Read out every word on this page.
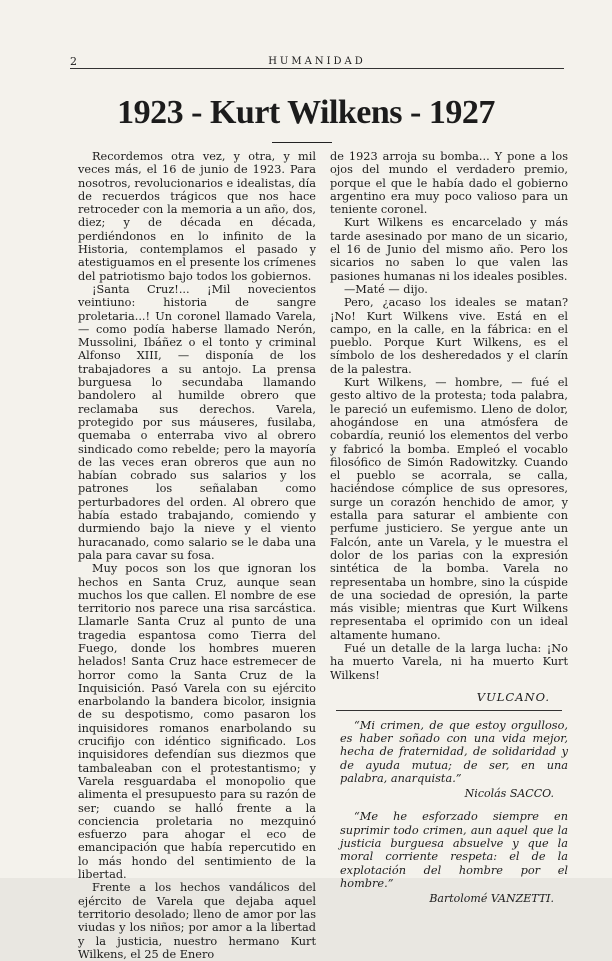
2	HUMANIDAD
1923 - Kurt Wilkens - 1927

Recordemos otra vez, y otra, y mil veces más, el 16 de junio de 1923. Para nosotros, revolucionarios e idealistas, día de recuerdos trágicos que nos hace retroceder con la memoria a un año, dos, diez; y de década en década, perdiéndonos en lo infinito de la Historia, contemplamos el pasado y atestiguamos en el presente los crímenes del patriotismo bajo todos los gobiernos.

¡Santa Cruz!... ¡Mil novecientos veintiuno: historia de sangre proletaria...! Un coronel llamado Varela, — como podía haberse llamado Nerón, Mussolini, Ibáñez o el tonto y criminal Alfonso XIII, — disponía de los trabajadores a su antojo. La prensa burguesa lo secundaba llamando bandolero al humilde obrero que reclamaba sus derechos. Varela, protegido por sus máuseres, fusilaba, quemaba o enterraba vivo al obrero sindicado como rebelde; pero la mayoría de las veces eran obreros que aun no habían cobrado sus salarios y los patrones los señalaban como perturbadores del orden. Al obrero que había estado trabajando, comiendo y durmiendo bajo la nieve y el viento huracanado, como salario se le daba una pala para cavar su fosa.

Muy pocos son los que ignoran los hechos en Santa Cruz, aunque sean muchos los que callen. El nombre de ese territorio nos parece una risa sarcástica. Llamarle Santa Cruz al punto de una tragedia espantosa como Tierra del Fuego, donde los hombres mueren helados! Santa Cruz hace estremecer de horror como la Santa Cruz de la Inquisición. Pasó Varela con su ejército enarbolando la bandera bicolor, insignia de su despotismo, como pasaron los inquisidores romanos enarbolando su crucifijo con idéntico significado. Los inquisidores defendían sus diezmos que tambaleaban con el protestantismo; y Varela resguardaba el monopolio que alimenta el presupuesto para su razón de ser; cuando se halló frente a la conciencia proletaria no mezquinó esfuerzo para ahogar el eco de emancipación que había repercutido en lo más hondo del sentimiento de la libertad.

Frente a los hechos vandálicos del ejército de Varela que dejaba aquel territorio desolado; lleno de amor por las viudas y los niños; por amor a la libertad y la justicia, nuestro hermano Kurt Wilkens, el 25 de Enero

de 1923 arroja su bomba... Y pone a los ojos del mundo el verdadero premio, porque el que le había dado el gobierno argentino era muy poco valioso para un teniente coronel.

Kurt Wilkens es encarcelado y más tarde asesinado por mano de un sicario, el 16 de Junio del mismo año. Pero los sicarios no saben lo que valen las pasiones humanas ni los ideales posibles.

—Maté — dijo.

Pero, ¿acaso los ideales se matan? ¡No! Kurt Wilkens vive. Está en el campo, en la calle, en la fábrica: en el pueblo. Porque Kurt Wilkens, es el símbolo de los desheredados y el clarín de la palestra.

Kurt Wilkens, — hombre, — fué el gesto altivo de la protesta; toda palabra, le pareció un eufemismo. Lleno de dolor, ahogándose en una atmósfera de cobardía, reunió los elementos del verbo y fabricó la bomba. Empleó el vocablo filosófico de Simón Radowitzky. Cuando el pueblo se acorrala, se calla, haciéndose cómplice de sus opresores, surge un corazón henchido de amor, y estalla para saturar el ambiente con perfume justiciero. Se yergue ante un Falcón, ante un Varela, y le muestra el dolor de los parias con la expresión sintética de la bomba. Varela no representaba un hombre, sino la cúspide de una sociedad de opresión, la parte más visible; mientras que Kurt Wilkens representaba el oprimido con un ideal altamente humano.

Fué un detalle de la larga lucha: ¡No ha muerto Varela, ni ha muerto Kurt Wilkens!

VULCANO.

“Mi crimen, de que estoy orgulloso, es haber soñado con una vida mejor, hecha de fraternidad, de solidaridad y de ayuda mutua; de ser, en una palabra, anarquista.”

Nicolás SACCO.

“Me he esforzado siempre en suprimir todo crimen, aun aquel que la justicia burguesa absuelve y que la moral corriente respeta: el de la explotación del hombre por el hombre.”

Bartolomé VANZETTI.
